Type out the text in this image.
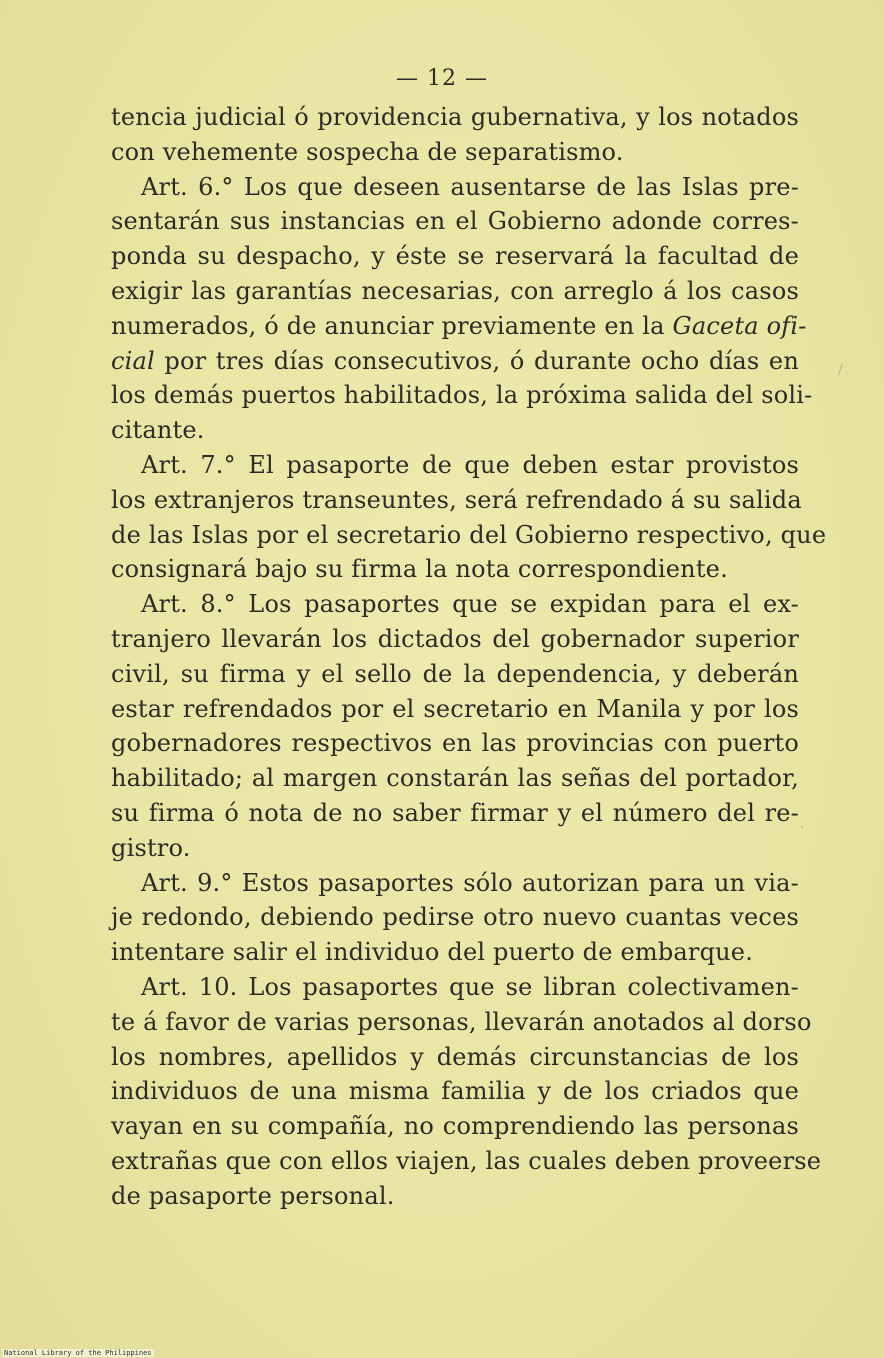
— 12 —
tencia judicial ó providencia gubernativa, y los notados
con vehemente sospecha de separatismo.
Art. 6.° Los que deseen ausentarse de las Islas pre-
sentarán sus instancias en el Gobierno adonde corres-
ponda su despacho, y éste se reservará la facultad de
exigir las garantías necesarias, con arreglo á los casos
numerados, ó de anunciar previamente en la Gaceta ofi-
cial por tres días consecutivos, ó durante ocho días en
los demás puertos habilitados, la próxima salida del soli-
citante.
Art. 7.° El pasaporte de que deben estar provistos
los extranjeros transeuntes, será refrendado á su salida
de las Islas por el secretario del Gobierno respectivo, que
consignará bajo su firma la nota correspondiente.
Art. 8.° Los pasaportes que se expidan para el ex-
tranjero llevarán los dictados del gobernador superior
civil, su firma y el sello de la dependencia, y deberán
estar refrendados por el secretario en Manila y por los
gobernadores respectivos en las provincias con puerto
habilitado; al margen constarán las señas del portador,
su firma ó nota de no saber firmar y el número del re-
gistro.
Art. 9.° Estos pasaportes sólo autorizan para un via-
je redondo, debiendo pedirse otro nuevo cuantas veces
intentare salir el individuo del puerto de embarque.
Art. 10. Los pasaportes que se libran colectivamen-
te á favor de varias personas, llevarán anotados al dorso
los nombres, apellidos y demás circunstancias de los
individuos de una misma familia y de los criados que
vayan en su compañía, no comprendiendo las personas
extrañas que con ellos viajen, las cuales deben proveerse
de pasaporte personal.
/
.
National Library of the Philippines
